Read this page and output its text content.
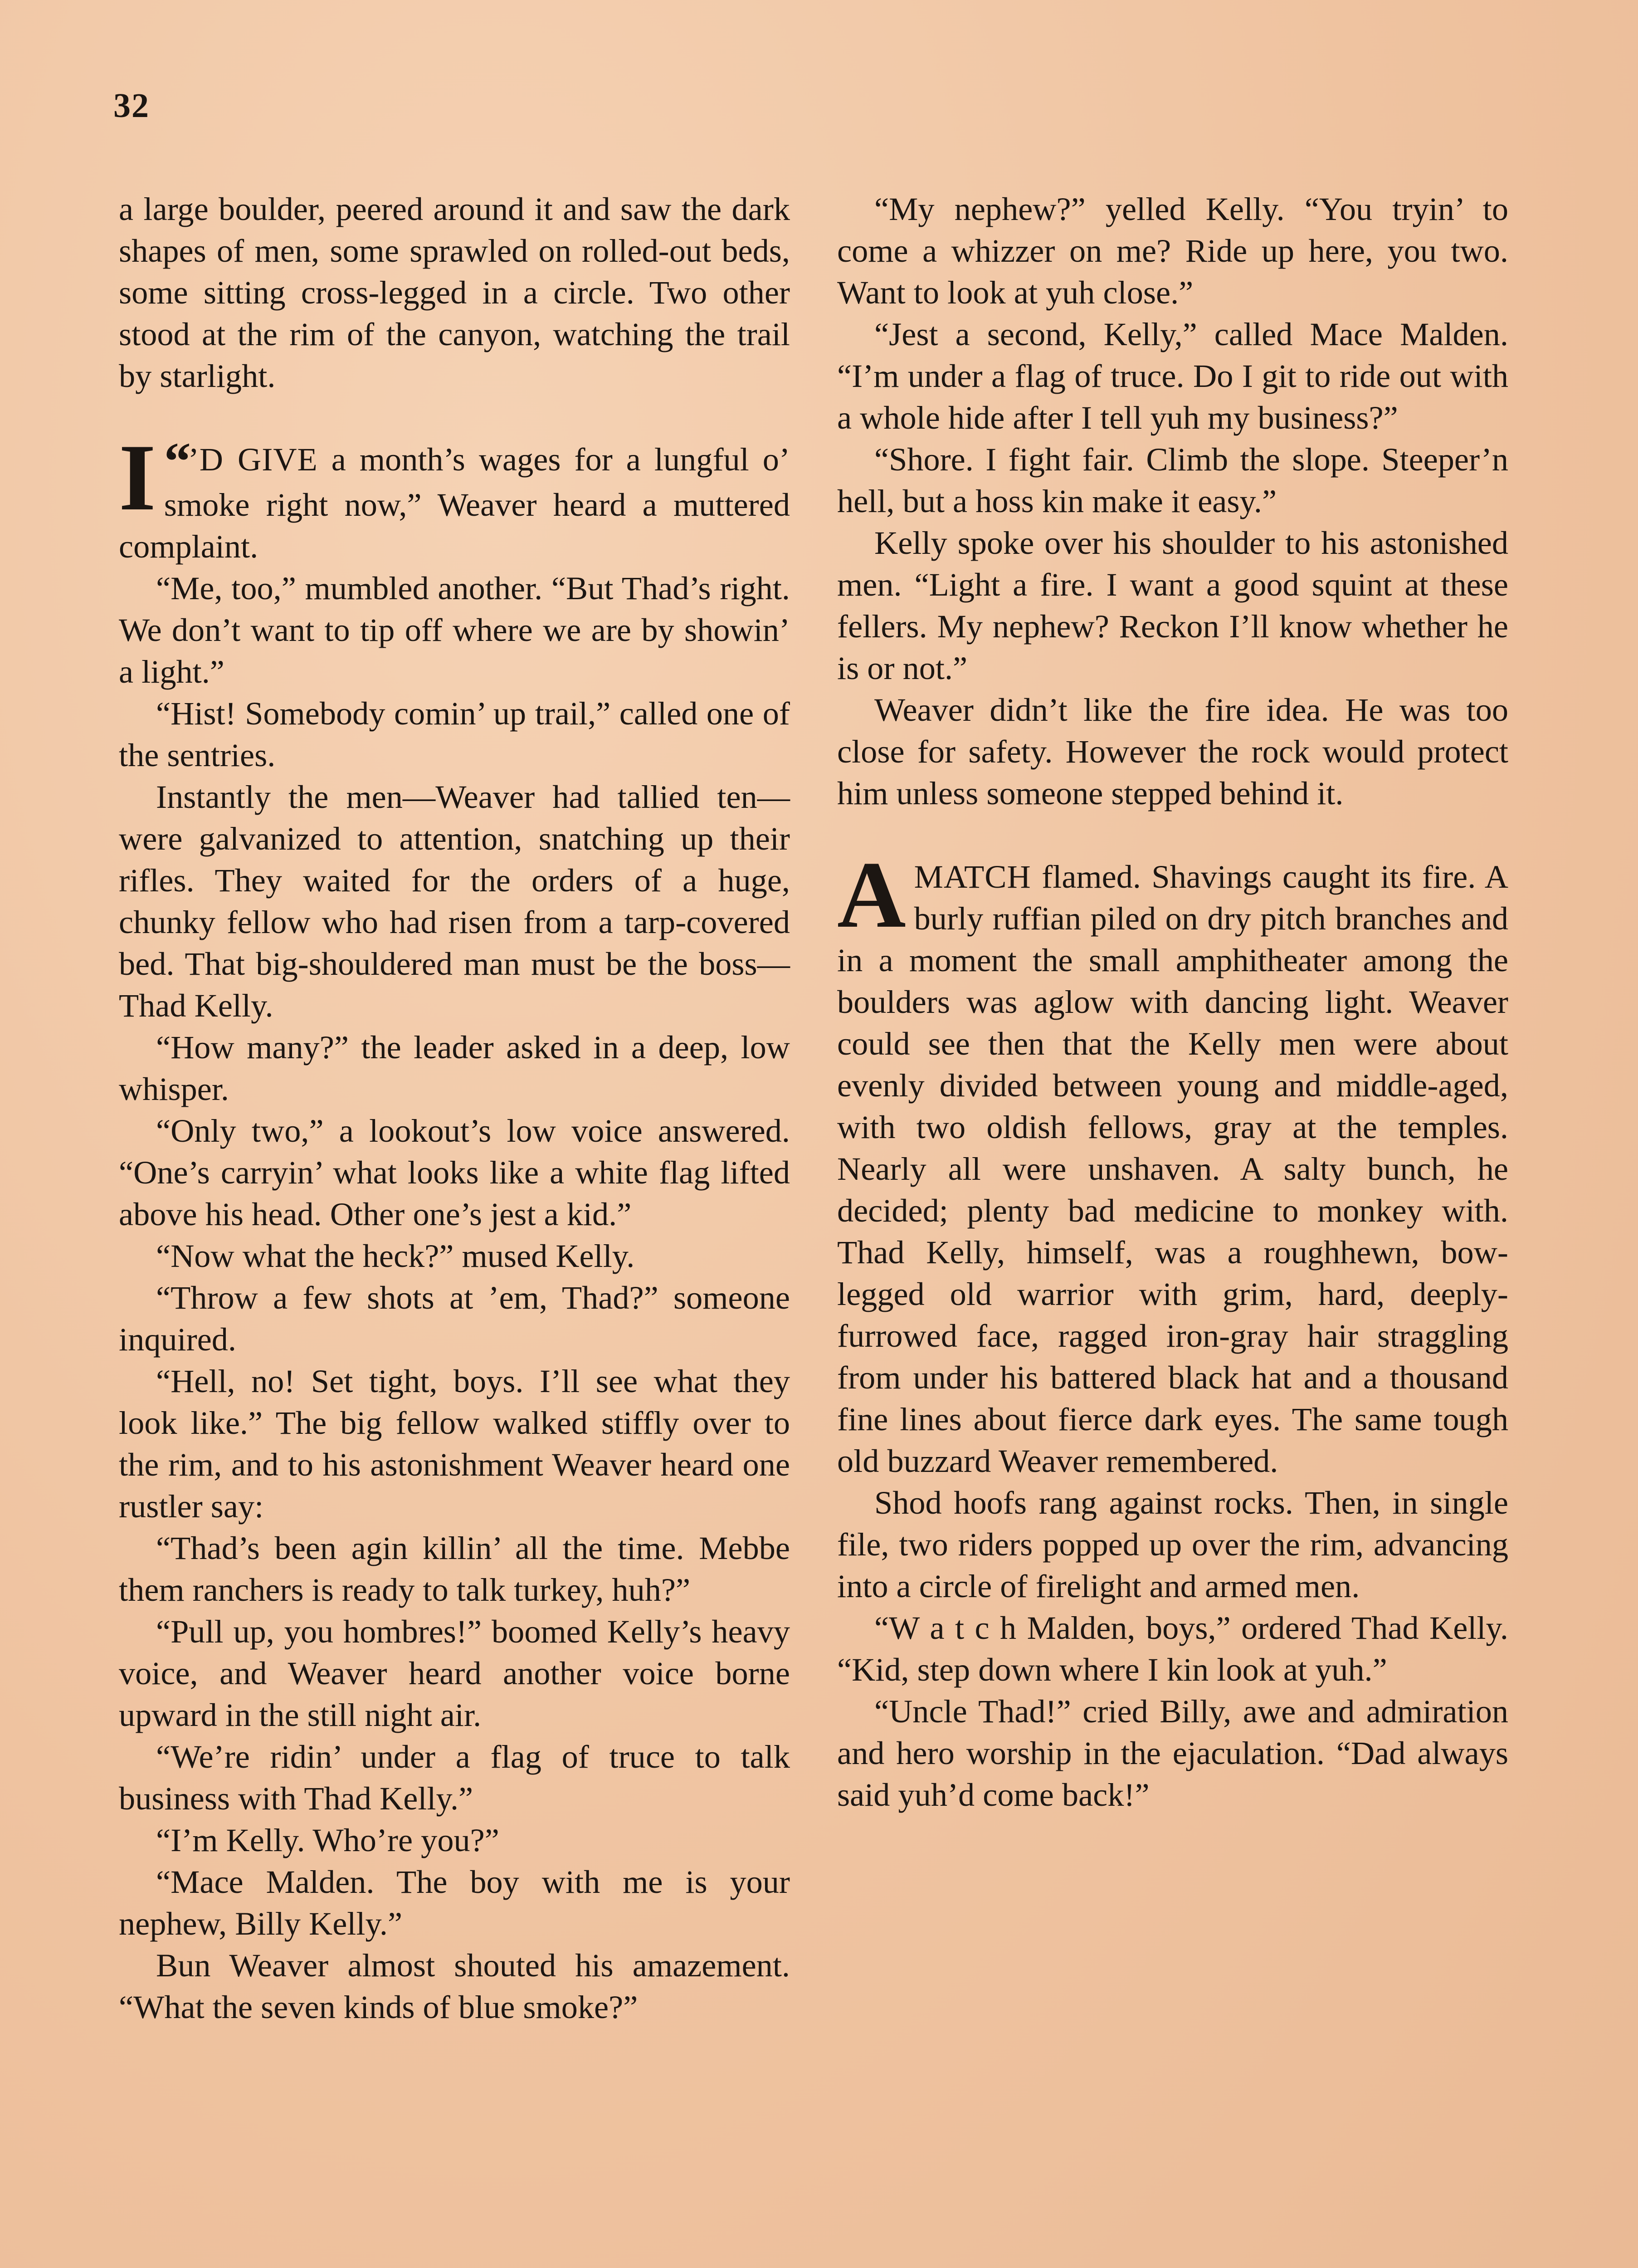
32

a large boulder, peered around it and saw the dark shapes of men, some sprawled on rolled-out beds, some sitting cross-legged in a circle. Two other stood at the rim of the canyon, watching the trail by starlight.

“
I ’D GIVE a month’s wages for a lungful o’ smoke right now,” Weaver heard a muttered complaint.

“Me, too,” mumbled another. “But Thad’s right. We don’t want to tip off where we are by showin’ a light.”

“Hist! Somebody comin’ up trail,” called one of the sentries.

Instantly the men—Weaver had tallied ten—were galvanized to attention, snatching up their rifles. They waited for the orders of a huge, chunky fellow who had risen from a tarp-covered bed. That big-shouldered man must be the boss—Thad Kelly.

“How many?” the leader asked in a deep, low whisper.

“Only two,” a lookout’s low voice answered. “One’s carryin’ what looks like a white flag lifted above his head. Other one’s jest a kid.”

“Now what the heck?” mused Kelly.

“Throw a few shots at ’em, Thad?” someone inquired.

“Hell, no! Set tight, boys. I’ll see what they look like.” The big fellow walked stiffly over to the rim, and to his astonishment Weaver heard one rustler say:

“Thad’s been agin killin’ all the time. Mebbe them ranchers is ready to talk turkey, huh?”

“Pull up, you hombres!” boomed Kelly’s heavy voice, and Weaver heard another voice borne upward in the still night air.

“We’re ridin’ under a flag of truce to talk business with Thad Kelly.”

“I’m Kelly. Who’re you?”

“Mace Malden. The boy with me is your nephew, Billy Kelly.”

Bun Weaver almost shouted his amazement. “What the seven kinds of blue smoke?”

“My nephew?” yelled Kelly. “You tryin’ to come a whizzer on me? Ride up here, you two. Want to look at yuh close.”

“Jest a second, Kelly,” called Mace Malden. “I’m under a flag of truce. Do I git to ride out with a whole hide after I tell yuh my business?”

“Shore. I fight fair. Climb the slope. Steeper’n hell, but a hoss kin make it easy.”

Kelly spoke over his shoulder to his astonished men. “Light a fire. I want a good squint at these fellers. My nephew? Reckon I’ll know whether he is or not.”

Weaver didn’t like the fire idea. He was too close for safety. However the rock would protect him unless someone stepped behind it.

A MATCH flamed. Shavings caught its fire. A burly ruffian piled on dry pitch branches and in a moment the small amphitheater among the boulders was aglow with dancing light. Weaver could see then that the Kelly men were about evenly divided between young and middle-aged, with two oldish fellows, gray at the temples. Nearly all were unshaven. A salty bunch, he decided; plenty bad medicine to monkey with. Thad Kelly, himself, was a roughhewn, bow-legged old warrior with grim, hard, deeply-furrowed face, ragged iron-gray hair straggling from under his battered black hat and a thousand fine lines about fierce dark eyes. The same tough old buzzard Weaver remembered.

Shod hoofs rang against rocks. Then, in single file, two riders popped up over the rim, advancing into a circle of firelight and armed men.

“W a t c h Malden, boys,” ordered Thad Kelly. “Kid, step down where I kin look at yuh.”

“Uncle Thad!” cried Billy, awe and admiration and hero worship in the ejaculation. “Dad always said yuh’d come back!”
